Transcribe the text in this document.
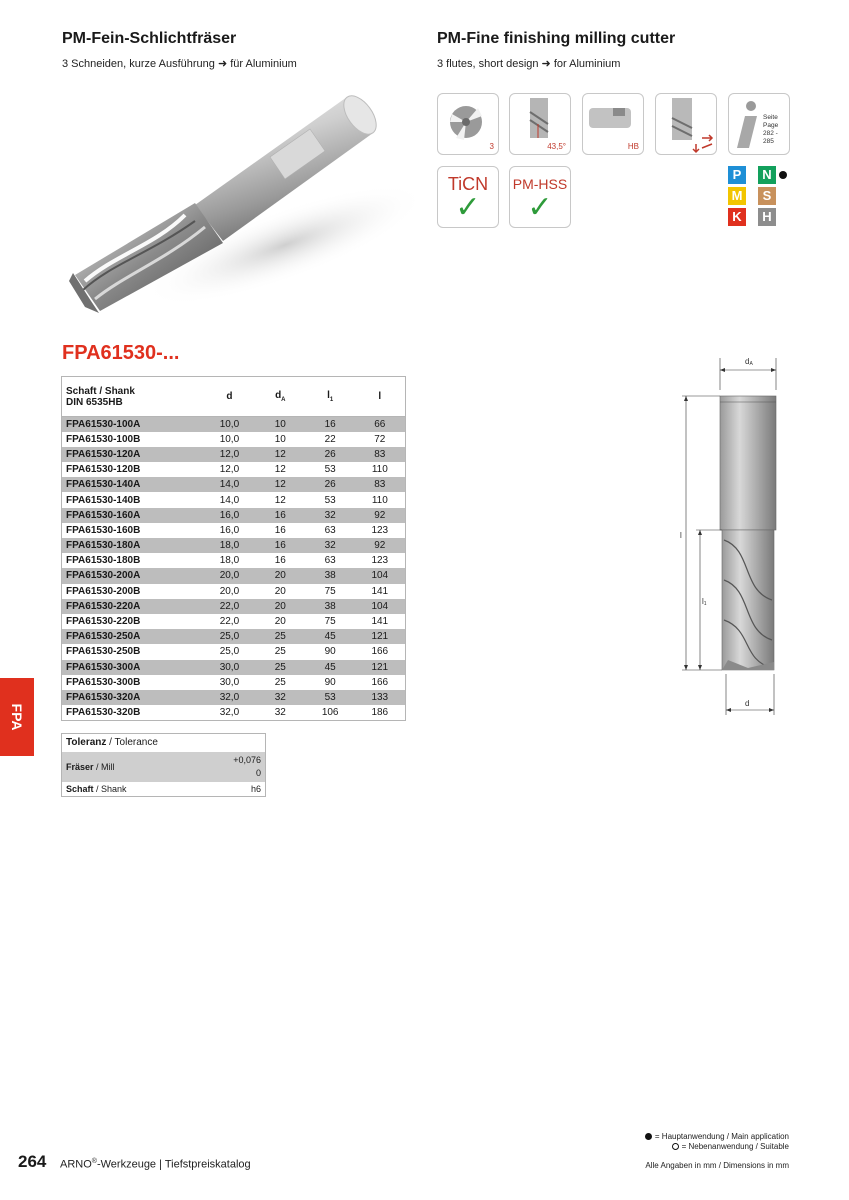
PM-Fein-Schlichtfräser
3 Schneiden, kurze Ausführung ➜ für Aluminium
PM-Fine finishing milling cutter
3 flutes, short design ➜ for Aluminium
3	43,5°	HB
Seite Page
282 - 285
TiCN
✓
PM-HSS
✓
P	N
M	S
K	H
FPA61530-...
Schaft / Shank
DIN 6535HB	d	$d_A$	$l_1$	l
FPA61530-100A	10,0	10	16	66
FPA61530-100B	10,0	10	22	72
FPA61530-120A	12,0	12	26	83
FPA61530-120B	12,0	12	53	110
FPA61530-140A	14,0	12	26	83
FPA61530-140B	14,0	12	53	110
FPA61530-160A	16,0	16	32	92
FPA61530-160B	16,0	16	63	123
FPA61530-180A	18,0	16	32	92
FPA61530-180B	18,0	16	63	123
FPA61530-200A	20,0	20	38	104
FPA61530-200B	20,0	20	75	141
FPA61530-220A	22,0	20	38	104
FPA61530-220B	22,0	20	75	141
FPA61530-250A	25,0	25	45	121
FPA61530-250B	25,0	25	90	166
FPA61530-300A	30,0	25	45	121
FPA61530-300B	30,0	25	90	166
FPA61530-320A	32,0	32	53	133
FPA61530-320B	32,0	32	106	186
Toleranz / Tolerance	
Fräser / Mill	+0,076
0

Schaft / Shank	h6
FPA
dA
l
l1
d
= Hauptanwendung / Main application
= Nebenanwendung / Suitable
264 ARNO®-Werkzeuge | Tiefstpreiskatalog	Alle Angaben in mm / Dimensions in mm
